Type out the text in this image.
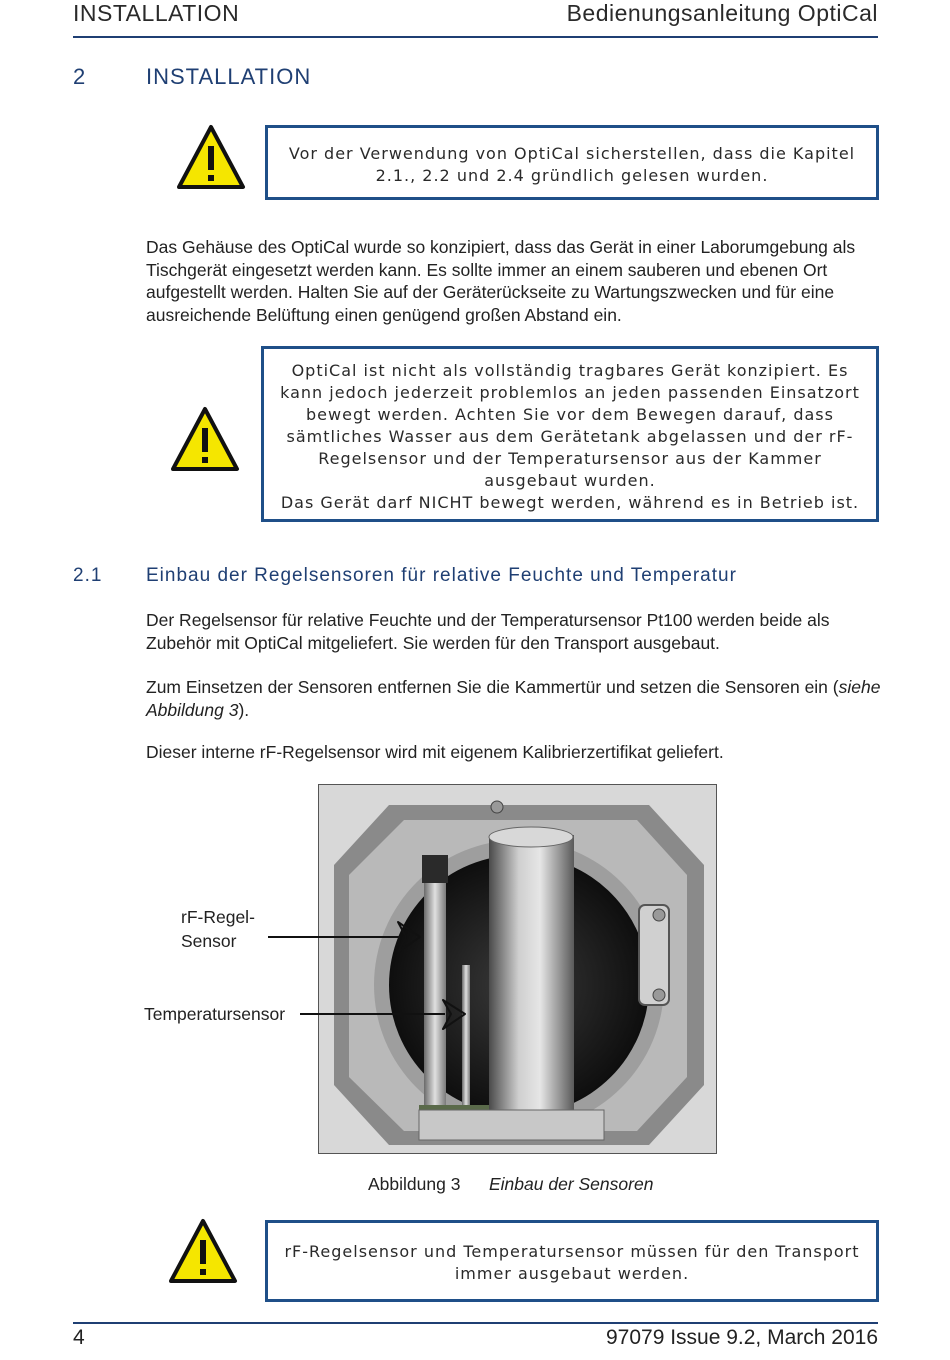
INSTALLATION	Bedienungsanleitung OptiCal
2	INSTALLATION
Vor der Verwendung von OptiCal sicherstellen, dass die Kapitel 2.1., 2.2 und 2.4 gründlich gelesen wurden.
Das Gehäuse des OptiCal wurde so konzipiert, dass das Gerät in einer Laborumgebung als Tischgerät eingesetzt werden kann. Es sollte immer an einem sauberen und ebenen Ort aufgestellt werden. Halten Sie auf der Geräterückseite zu Wartungszwecken und für eine ausreichende Belüftung einen genügend großen Abstand ein.
OptiCal ist nicht als vollständig tragbares Gerät konzipiert. Es kann jedoch jederzeit problemlos an jeden passenden Einsatzort bewegt werden. Achten Sie vor dem Bewegen darauf, dass sämtliches Wasser aus dem Gerätetank abgelassen und der rF-Regelsensor und der Temperatursensor aus der Kammer ausgebaut wurden.
Das Gerät darf NICHT bewegt werden, während es in Betrieb ist.
2.1 Einbau der Regelsensoren für relative Feuchte und Temperatur
Der Regelsensor für relative Feuchte und der Temperatursensor Pt100 werden beide als Zubehör mit OptiCal mitgeliefert. Sie werden für den Transport ausgebaut.
Zum Einsetzen der Sensoren entfernen Sie die Kammertür und setzen die Sensoren ein (siehe Abbildung 3).
Dieser interne rF-Regelsensor wird mit eigenem Kalibrierzertifikat geliefert.
rF-Regel-Sensor
Temperatursensor
Abbildung 3 Einbau der Sensoren
rF-Regelsensor und Temperatursensor müssen für den Transport immer ausgebaut werden.
4	97079 Issue 9.2, March 2016
